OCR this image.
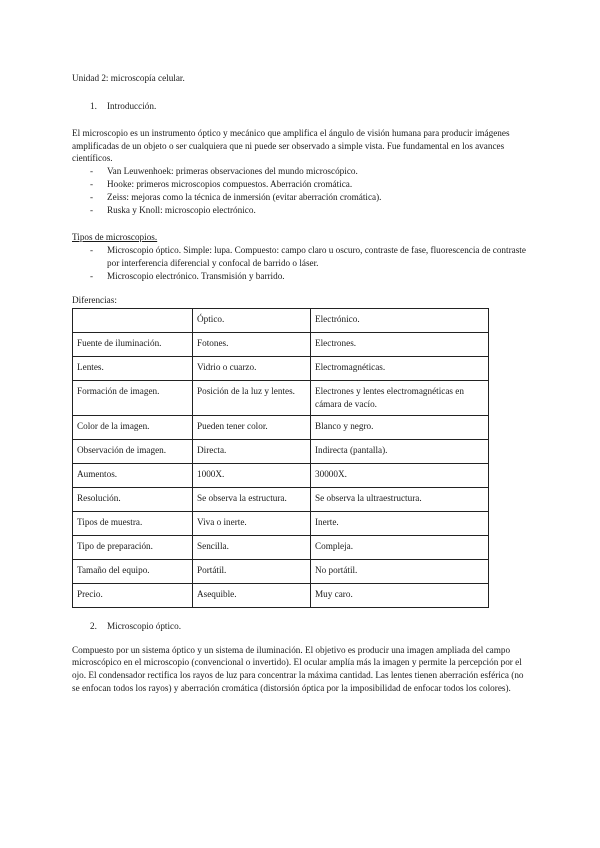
Unidad 2: microscopía celular.
1. Introducción.
El microscopio es un instrumento óptico y mecánico que amplifica el ángulo de visión humana para producir imágenes amplificadas de un objeto o ser cualquiera que ni puede ser observado a simple vista. Fue fundamental en los avances científicos.
- Van Leuwenhoek: primeras observaciones del mundo microscópico.
- Hooke: primeros microscopios compuestos. Aberración cromática.
- Zeiss: mejoras como la técnica de inmersión (evitar aberración cromática).
- Ruska y Knoll: microscopio electrónico.
Tipos de microscopios.
- Microscopio óptico. Simple: lupa. Compuesto: campo claro u oscuro, contraste de fase, fluorescencia de contraste por interferencia diferencial y confocal de barrido o láser.
- Microscopio electrónico. Transmisión y barrido.
Diferencias:
	Óptico.	Electrónico.
Fuente de iluminación.	Fotones.	Electrones.
Lentes.	Vidrio o cuarzo.	Electromagnéticas.
Formación de imagen.	Posición de la luz y lentes.	Electrones y lentes electromagnéticas en cámara de vacío.
Color de la imagen.	Pueden tener color.	Blanco y negro.
Observación de imagen.	Directa.	Indirecta (pantalla).
Aumentos.	1000X.	30000X.
Resolución.	Se observa la estructura.	Se observa la ultraestructura.
Tipos de muestra.	Viva o inerte.	Inerte.
Tipo de preparación.	Sencilla.	Compleja.
Tamaño del equipo.	Portátil.	No portátil.
Precio.	Asequible.	Muy caro.
2. Microscopio óptico.
Compuesto por un sistema óptico y un sistema de iluminación. El objetivo es producir una imagen ampliada del campo microscópico en el microscopio (convencional o invertido). El ocular amplía más la imagen y permite la percepción por el ojo. El condensador rectifica los rayos de luz para concentrar la máxima cantidad. Las lentes tienen aberración esférica (no se enfocan todos los rayos) y aberración cromática (distorsión óptica por la imposibilidad de enfocar todos los colores).
